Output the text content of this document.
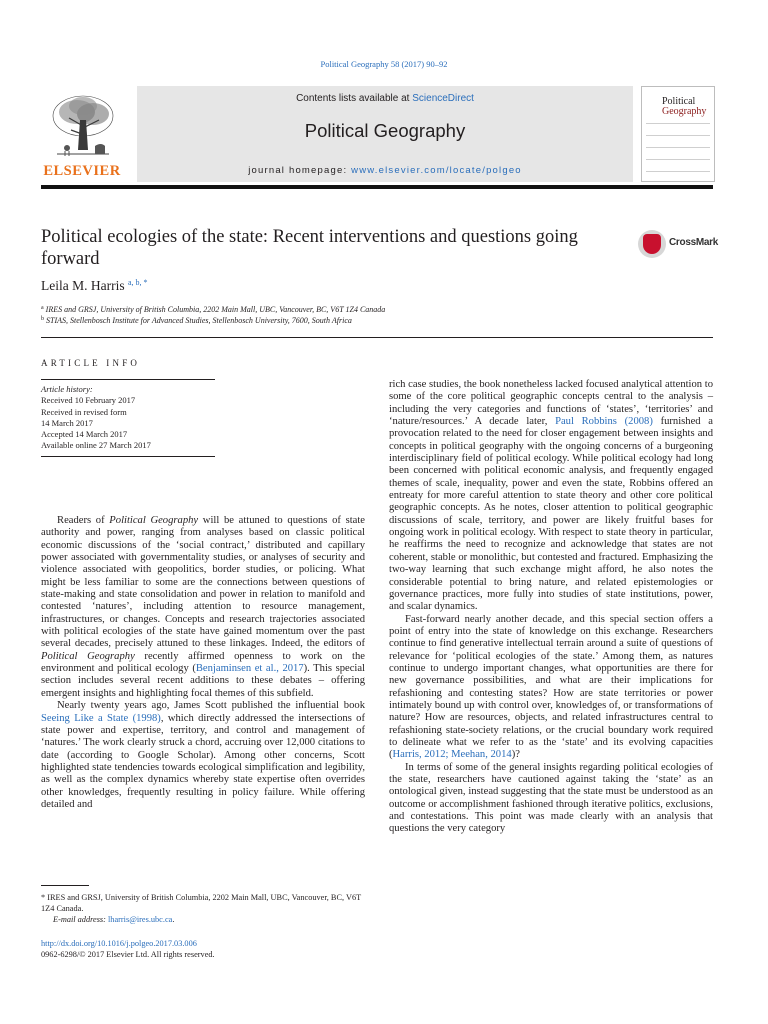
Political Geography 58 (2017) 90–92
ELSEVIER
Contents lists available at ScienceDirect
Political Geography
journal homepage: www.elsevier.com/locate/polgeo
Political
Geography
Political ecologies of the state: Recent interventions and questions going forward
CrossMark
Leila M. Harris $^{a, b, *}$
$^a$ IRES and GRSJ, University of British Columbia, 2202 Main Mall, UBC, Vancouver, BC, V6T 1Z4 Canada
$^b$ STIAS, Stellenbosch Institute for Advanced Studies, Stellenbosch University, 7600, South Africa
ARTICLE INFO
Article history:
Received 10 February 2017
Received in revised form
14 March 2017
Accepted 14 March 2017
Available online 27 March 2017

Readers of Political Geography will be attuned to questions of state authority and power, ranging from analyses based on classic political economic discussions of the ‘social contract,’ distributed and capillary power associated with governmentality studies, or analyses of security and violence associated with geopolitics, border studies, or policing. What might be less familiar to some are the connections between questions of state-making and state consolidation and power in relation to manifold and contested ‘natures’, including attention to resource management, infrastructures, or changes. Concepts and research trajectories associated with political ecologies of the state have gained momentum over the past several decades, precisely attuned to these linkages. Indeed, the editors of Political Geography recently affirmed openness to work on the environment and political ecology (Benjaminsen et al., 2017). This special section includes several recent additions to these debates – offering emergent insights and highlighting focal themes of this subfield.

Nearly twenty years ago, James Scott published the influential book Seeing Like a State (1998), which directly addressed the intersections of state power and expertise, territory, and control and management of ‘natures.’ The work clearly struck a chord, accruing over 12,000 citations to date (according to Google Scholar). Among other concerns, Scott highlighted state tendencies towards ecological simplification and legibility, as well as the complex dynamics whereby state expertise often overrides other knowledges, frequently resulting in policy failure. While offering detailed and

rich case studies, the book nonetheless lacked focused analytical attention to some of the core political geographic concepts central to the analysis – including the very categories and functions of ‘states’, ‘territories’ and ‘nature/resources.’ A decade later, Paul Robbins (2008) furnished a provocation related to the need for closer engagement between insights and concepts in political geography with the ongoing concerns of a burgeoning interdisciplinary field of political ecology. While political ecology had long been concerned with political economic analysis, and frequently engaged themes of scale, inequality, power and even the state, Robbins offered an entreaty for more careful attention to state theory and other core political geographic concepts. As he notes, closer attention to political geographic discussions of scale, territory, and power are likely fruitful bases for ongoing work in political ecology. With respect to state theory in particular, he reaffirms the need to recognize and acknowledge that states are not coherent, stable or monolithic, but contested and fractured. Emphasizing the two-way learning that such exchange might afford, he also notes the considerable potential to bring nature, and related epistemologies or governance practices, more fully into studies of state institutions, power, and scalar dynamics.

Fast-forward nearly another decade, and this special section offers a point of entry into the state of knowledge on this exchange. Researchers continue to find generative intellectual terrain around a suite of questions of relevance for ‘political ecologies of the state.’ Among them, as natures continue to undergo important changes, what opportunities are there for new governance possibilities, and what are their implications for refashioning and contesting states? How are state territories or power intimately bound up with control over, knowledges of, or transformations of nature? How are resources, objects, and related infrastructures central to refashioning state-society relations, or the crucial boundary work required to delineate what we refer to as the ‘state’ and its evolving capacities (Harris, 2012; Meehan, 2014)?

In terms of some of the general insights regarding political ecologies of the state, researchers have cautioned against taking the ‘state’ as an ontological given, instead suggesting that the state must be understood as an outcome or accomplishment fashioned through iterative politics, exclusions, and contestations. This point was made clearly with an analysis that questions the very category

* IRES and GRSJ, University of British Columbia, 2202 Main Mall, UBC, Vancouver, BC, V6T 1Z4 Canada.
E-mail address: lharris@ires.ubc.ca.
http://dx.doi.org/10.1016/j.polgeo.2017.03.006
0962-6298/© 2017 Elsevier Ltd. All rights reserved.
